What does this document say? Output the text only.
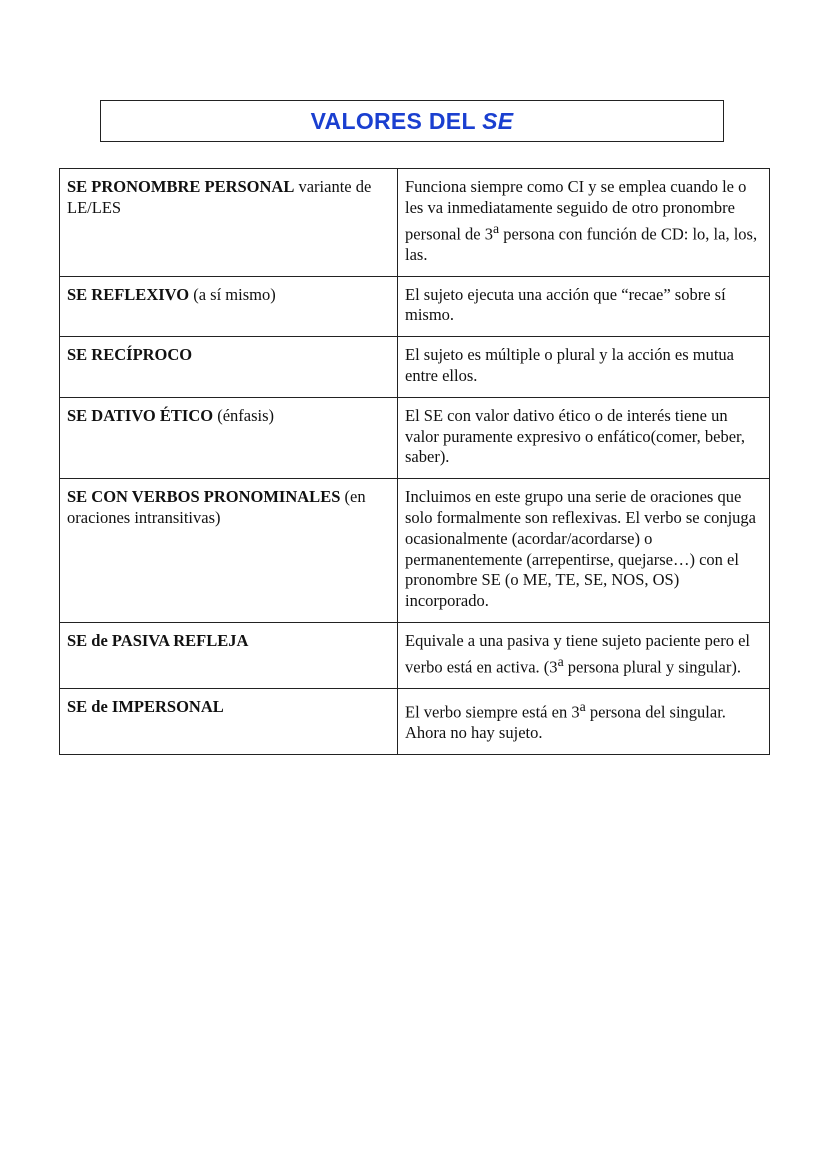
VALORES DEL SE
SE PRONOMBRE PERSONAL variante de LE/LES	Funciona siempre como CI y se emplea cuando le o les va inmediatamente seguido de otro pronombre personal de 3$^a$ persona con función de CD: lo, la, los, las.
SE REFLEXIVO (a sí mismo)	El sujeto ejecuta una acción que “recae” sobre sí mismo.
SE RECÍPROCO	El sujeto es múltiple o plural y la acción es mutua entre ellos.
SE DATIVO ÉTICO (énfasis)	El SE con valor dativo ético o de interés tiene un valor puramente expresivo o enfático(comer, beber, saber).
SE CON VERBOS PRONOMINALES (en oraciones intransitivas)	Incluimos en este grupo una serie de oraciones que solo formalmente son reflexivas. El verbo se conjuga ocasionalmente (acordar/acordarse) o permanentemente (arrepentirse, quejarse…) con el pronombre SE (o ME, TE, SE, NOS, OS) incorporado.
SE de PASIVA REFLEJA	Equivale a una pasiva y tiene sujeto paciente pero el verbo está en activa. (3$^a$ persona plural y singular).
SE de IMPERSONAL	El verbo siempre está en 3$^a$ persona del singular. Ahora no hay sujeto.
